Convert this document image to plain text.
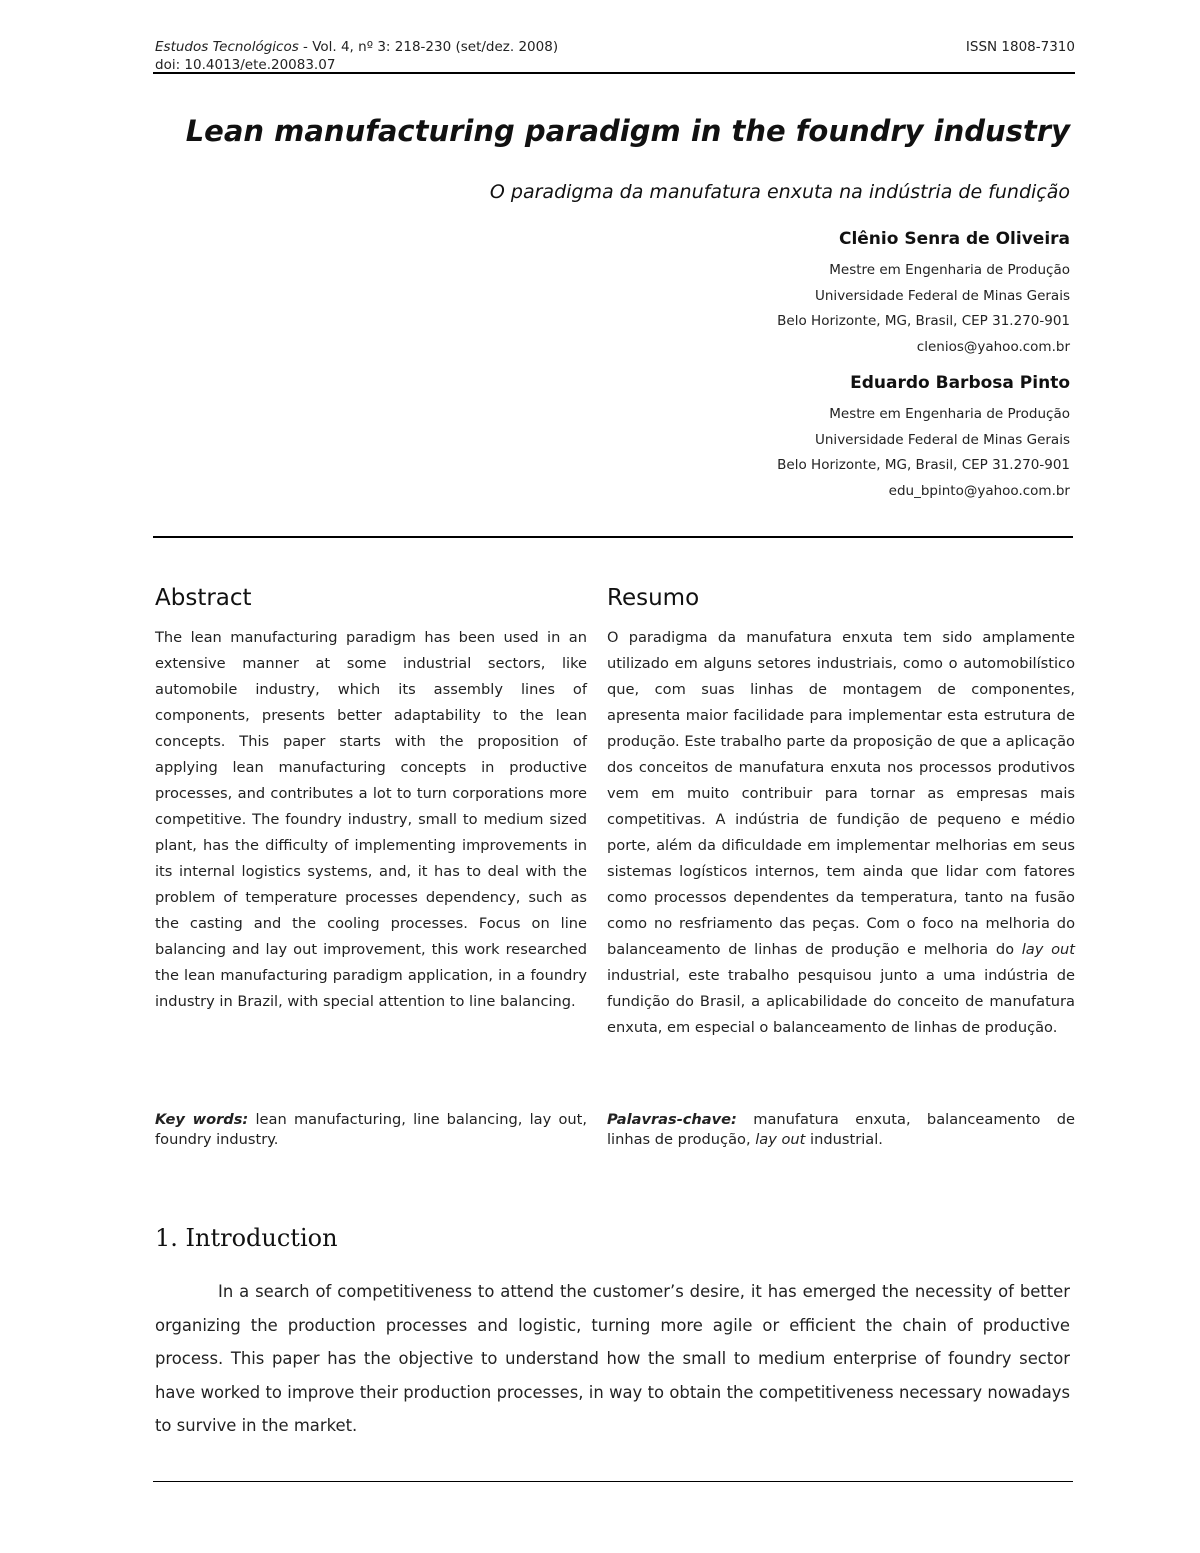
Estudos Tecnológicos - Vol. 4, nº 3: 218-230 (set/dez. 2008)
doi: 10.4013/ete.20083.07
ISSN 1808-7310
Lean manufacturing paradigm in the foundry industry
O paradigma da manufatura enxuta na indústria de fundição
Clênio Senra de Oliveira
Mestre em Engenharia de Produção
Universidade Federal de Minas Gerais
Belo Horizonte, MG, Brasil, CEP 31.270-901
clenios@yahoo.com.br
Eduardo Barbosa Pinto
Mestre em Engenharia de Produção
Universidade Federal de Minas Gerais
Belo Horizonte, MG, Brasil, CEP 31.270-901
edu_bpinto@yahoo.com.br
Abstract

The lean manufacturing paradigm has been used in an extensive manner at some industrial sectors, like automobile industry, which its assembly lines of components, presents better adaptability to the lean concepts. This paper starts with the proposition of applying lean manufacturing concepts in productive processes, and contributes a lot to turn corporations more competitive. The foundry industry, small to medium sized plant, has the difficulty of implementing improvements in its internal logistics systems, and, it has to deal with the problem of temperature processes dependency, such as the casting and the cooling processes. Focus on line balancing and lay out improvement, this work researched the lean manufacturing paradigm application, in a foundry industry in Brazil, with special attention to line balancing.

Resumo

O paradigma da manufatura enxuta tem sido amplamente utilizado em alguns setores industriais, como o automobilístico que, com suas linhas de montagem de componentes, apresenta maior facilidade para implementar esta estrutura de produção. Este trabalho parte da proposição de que a aplicação dos conceitos de manufatura enxuta nos processos produtivos vem em muito contribuir para tornar as empresas mais competitivas. A indústria de fundição de pequeno e médio porte, além da dificuldade em implementar melhorias em seus sistemas logísticos internos, tem ainda que lidar com fatores como processos dependentes da temperatura, tanto na fusão como no resfriamento das peças. Com o foco na melhoria do balanceamento de linhas de produção e melhoria do lay out industrial, este trabalho pesquisou junto a uma indústria de fundição do Brasil, a aplicabilidade do conceito de manufatura enxuta, em especial o balanceamento de linhas de produção.

Key words: lean manufacturing, line balancing, lay out, foundry industry.
Palavras-chave: manufatura enxuta, balanceamento de linhas de produção, lay out industrial.
1. Introduction

In a search of competitiveness to attend the customer’s desire, it has emerged the necessity of better organizing the production processes and logistic, turning more agile or efficient the chain of productive process. This paper has the objective to understand how the small to medium enterprise of foundry sector have worked to improve their production processes, in way to obtain the competitiveness necessary nowadays to survive in the market.
